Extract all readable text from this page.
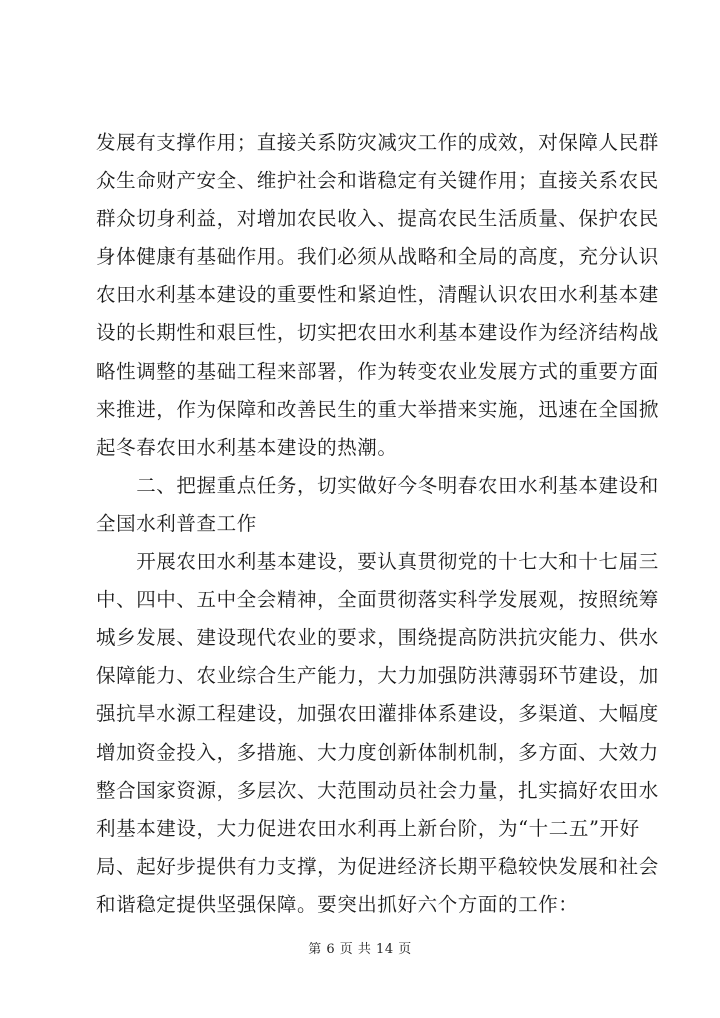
发展有支撑作用；直接关系防灾减灾工作的成效，对保障人民群
众生命财产安全、维护社会和谐稳定有关键作用；直接关系农民
群众切身利益，对增加农民收入、提高农民生活质量、保护农民
身体健康有基础作用。我们必须从战略和全局的高度，充分认识
农田水利基本建设的重要性和紧迫性，清醒认识农田水利基本建
设的长期性和艰巨性，切实把农田水利基本建设作为经济结构战
略性调整的基础工程来部署，作为转变农业发展方式的重要方面
来推进，作为保障和改善民生的重大举措来实施，迅速在全国掀
起冬春农田水利基本建设的热潮。
　　二、把握重点任务，切实做好今冬明春农田水利基本建设和
全国水利普查工作
　　开展农田水利基本建设，要认真贯彻党的十七大和十七届三
中、四中、五中全会精神，全面贯彻落实科学发展观，按照统筹
城乡发展、建设现代农业的要求，围绕提高防洪抗灾能力、供水
保障能力、农业综合生产能力，大力加强防洪薄弱环节建设，加
强抗旱水源工程建设，加强农田灌排体系建设，多渠道、大幅度
增加资金投入，多措施、大力度创新体制机制，多方面、大效力
整合国家资源，多层次、大范围动员社会力量，扎实搞好农田水
利基本建设，大力促进农田水利再上新台阶，为“十二五”开好
局、起好步提供有力支撑，为促进经济长期平稳较快发展和社会
和谐稳定提供坚强保障。要突出抓好六个方面的工作：
第 6 页 共 14 页
